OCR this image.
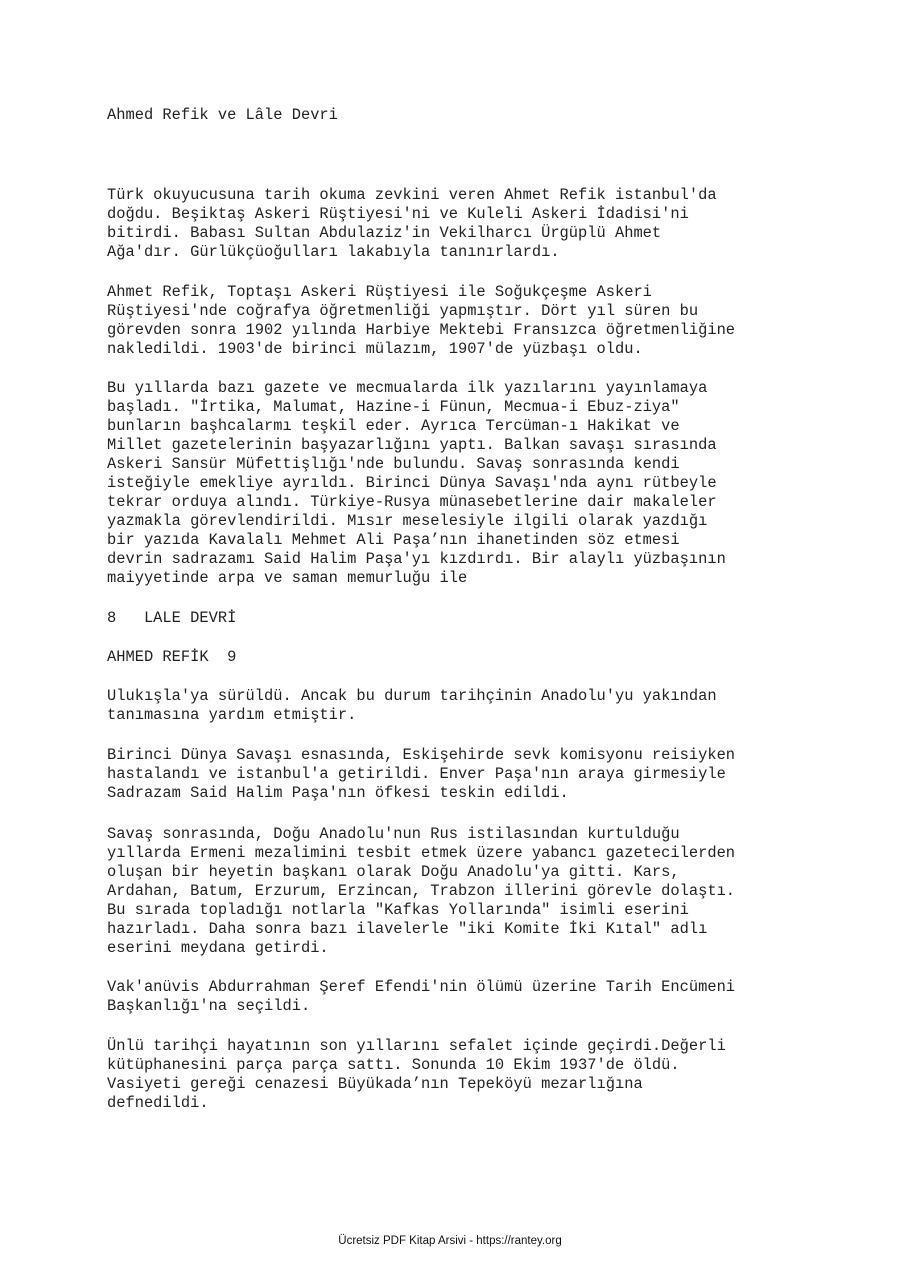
Ahmed Refik ve Lâle Devri

Türk okuyucusuna tarih okuma zevkini veren Ahmet Refik istanbul'da
doğdu. Beşiktaş Askeri Rüştiyesi'ni ve Kuleli Askeri İdadisi'ni
bitirdi. Babası Sultan Abdulaziz'in Vekilharcı Ürgüplü Ahmet
Ağa'dır. Gürlükçüoğulları lakabıyla tanınırlardı.

Ahmet Refik, Toptaşı Askeri Rüştiyesi ile Soğukçeşme Askeri
Rüştiyesi'nde coğrafya öğretmenliği yapmıştır. Dört yıl süren bu
görevden sonra 1902 yılında Harbiye Mektebi Fransızca öğretmenliğine
nakledildi. 1903'de birinci mülazım, 1907'de yüzbaşı oldu.

Bu yıllarda bazı gazete ve mecmualarda ilk yazılarını yayınlamaya
başladı. "İrtika, Malumat, Hazine-i Fünun, Mecmua-i Ebuz-ziya"
bunların başhcalarmı teşkil eder. Ayrıca Tercüman-ı Hakikat ve
Millet gazetelerinin başyazarlığını yaptı. Balkan savaşı sırasında
Askeri Sansür Müfettişlığı'nde bulundu. Savaş sonrasında kendi
isteğiyle emekliye ayrıldı. Birinci Dünya Savaşı'nda aynı rütbeyle
tekrar orduya alındı. Türkiye-Rusya münasebetlerine dair makaleler
yazmakla görevlendirildi. Mısır meselesiyle ilgili olarak yazdığı
bir yazıda Kavalalı Mehmet Ali Paşa’nın ihanetinden söz etmesi
devrin sadrazamı Said Halim Paşa'yı kızdırdı. Bir alaylı yüzbaşının
maiyyetinde arpa ve saman memurluğu ile

8   LALE DEVRİ

AHMED REFİK  9

Ulukışla'ya sürüldü. Ancak bu durum tarihçinin Anadolu'yu yakından
tanımasına yardım etmiştir.

Birinci Dünya Savaşı esnasında, Eskişehirde sevk komisyonu reisiyken
hastalandı ve istanbul'a getirildi. Enver Paşa'nın araya girmesiyle
Sadrazam Said Halim Paşa'nın öfkesi teskin edildi.

Savaş sonrasında, Doğu Anadolu'nun Rus istilasından kurtulduğu
yıllarda Ermeni mezalimini tesbit etmek üzere yabancı gazetecilerden
oluşan bir heyetin başkanı olarak Doğu Anadolu'ya gitti. Kars,
Ardahan, Batum, Erzurum, Erzincan, Trabzon illerini görevle dolaştı.
Bu sırada topladığı notlarla "Kafkas Yollarında" isimli eserini
hazırladı. Daha sonra bazı ilavelerle "iki Komite İki Kıtal" adlı
eserini meydana getirdi.

Vak'anüvis Abdurrahman Şeref Efendi'nin ölümü üzerine Tarih Encümeni
Başkanlığı'na seçildi.

Ünlü tarihçi hayatının son yıllarını sefalet içinde geçirdi.Değerli
kütüphanesini parça parça sattı. Sonunda 10 Ekim 1937'de öldü.
Vasiyeti gereği cenazesi Büyükada’nın Tepeköyü mezarlığına
defnedildi.

Ücretsiz PDF Kitap Arsivi - https://rantey.org
